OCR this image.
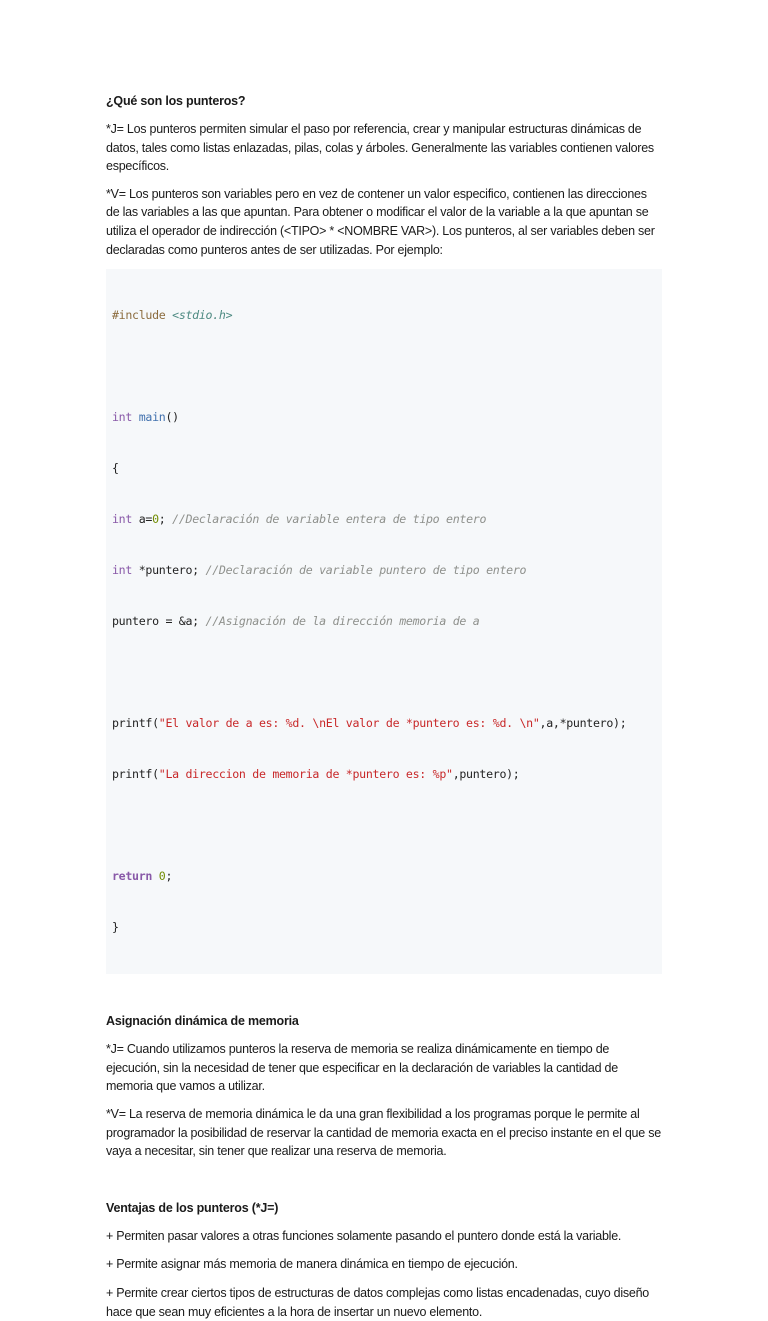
¿Qué son los punteros?

*J= Los punteros permiten simular el paso por referencia, crear y manipular estructuras dinámicas de datos, tales como listas enlazadas, pilas, colas y árboles. Generalmente las variables contienen valores específicos.

*V= Los punteros son variables pero en vez de contener un valor especifico, contienen las direcciones de las variables a las que apuntan. Para obtener o modificar el valor de la variable a la que apuntan se utiliza el operador de indirección (<TIPO> * <NOMBRE VAR>). Los punteros, al ser variables deben ser declaradas como punteros antes de ser utilizadas. Por ejemplo:

#include <stdio.h>

int main()

{

int a=0; //Declaración de variable entera de tipo entero

int *puntero; //Declaración de variable puntero de tipo entero

puntero = &a; //Asignación de la dirección memoria de a

printf("El valor de a es: %d. \nEl valor de *puntero es: %d. \n",a,*puntero);

printf("La direccion de memoria de *puntero es: %p",puntero);

return 0;

}

Asignación dinámica de memoria

*J= Cuando utilizamos punteros la reserva de memoria se realiza dinámicamente en tiempo de ejecución, sin la necesidad de tener que especificar en la declaración de variables la cantidad de memoria que vamos a utilizar.

*V= La reserva de memoria dinámica le da una gran flexibilidad a los programas porque le permite al programador la posibilidad de reservar la cantidad de memoria exacta en el preciso instante en el que se vaya a necesitar, sin tener que realizar una reserva de memoria.

Ventajas de los punteros (*J=)

+ Permiten pasar valores a otras funciones solamente pasando el puntero donde está la variable.

+ Permite asignar más memoria de manera dinámica en tiempo de ejecución.

+ Permite crear ciertos tipos de estructuras de datos complejas como listas encadenadas, cuyo diseño hace que sean muy eficientes a la hora de insertar un nuevo elemento.
